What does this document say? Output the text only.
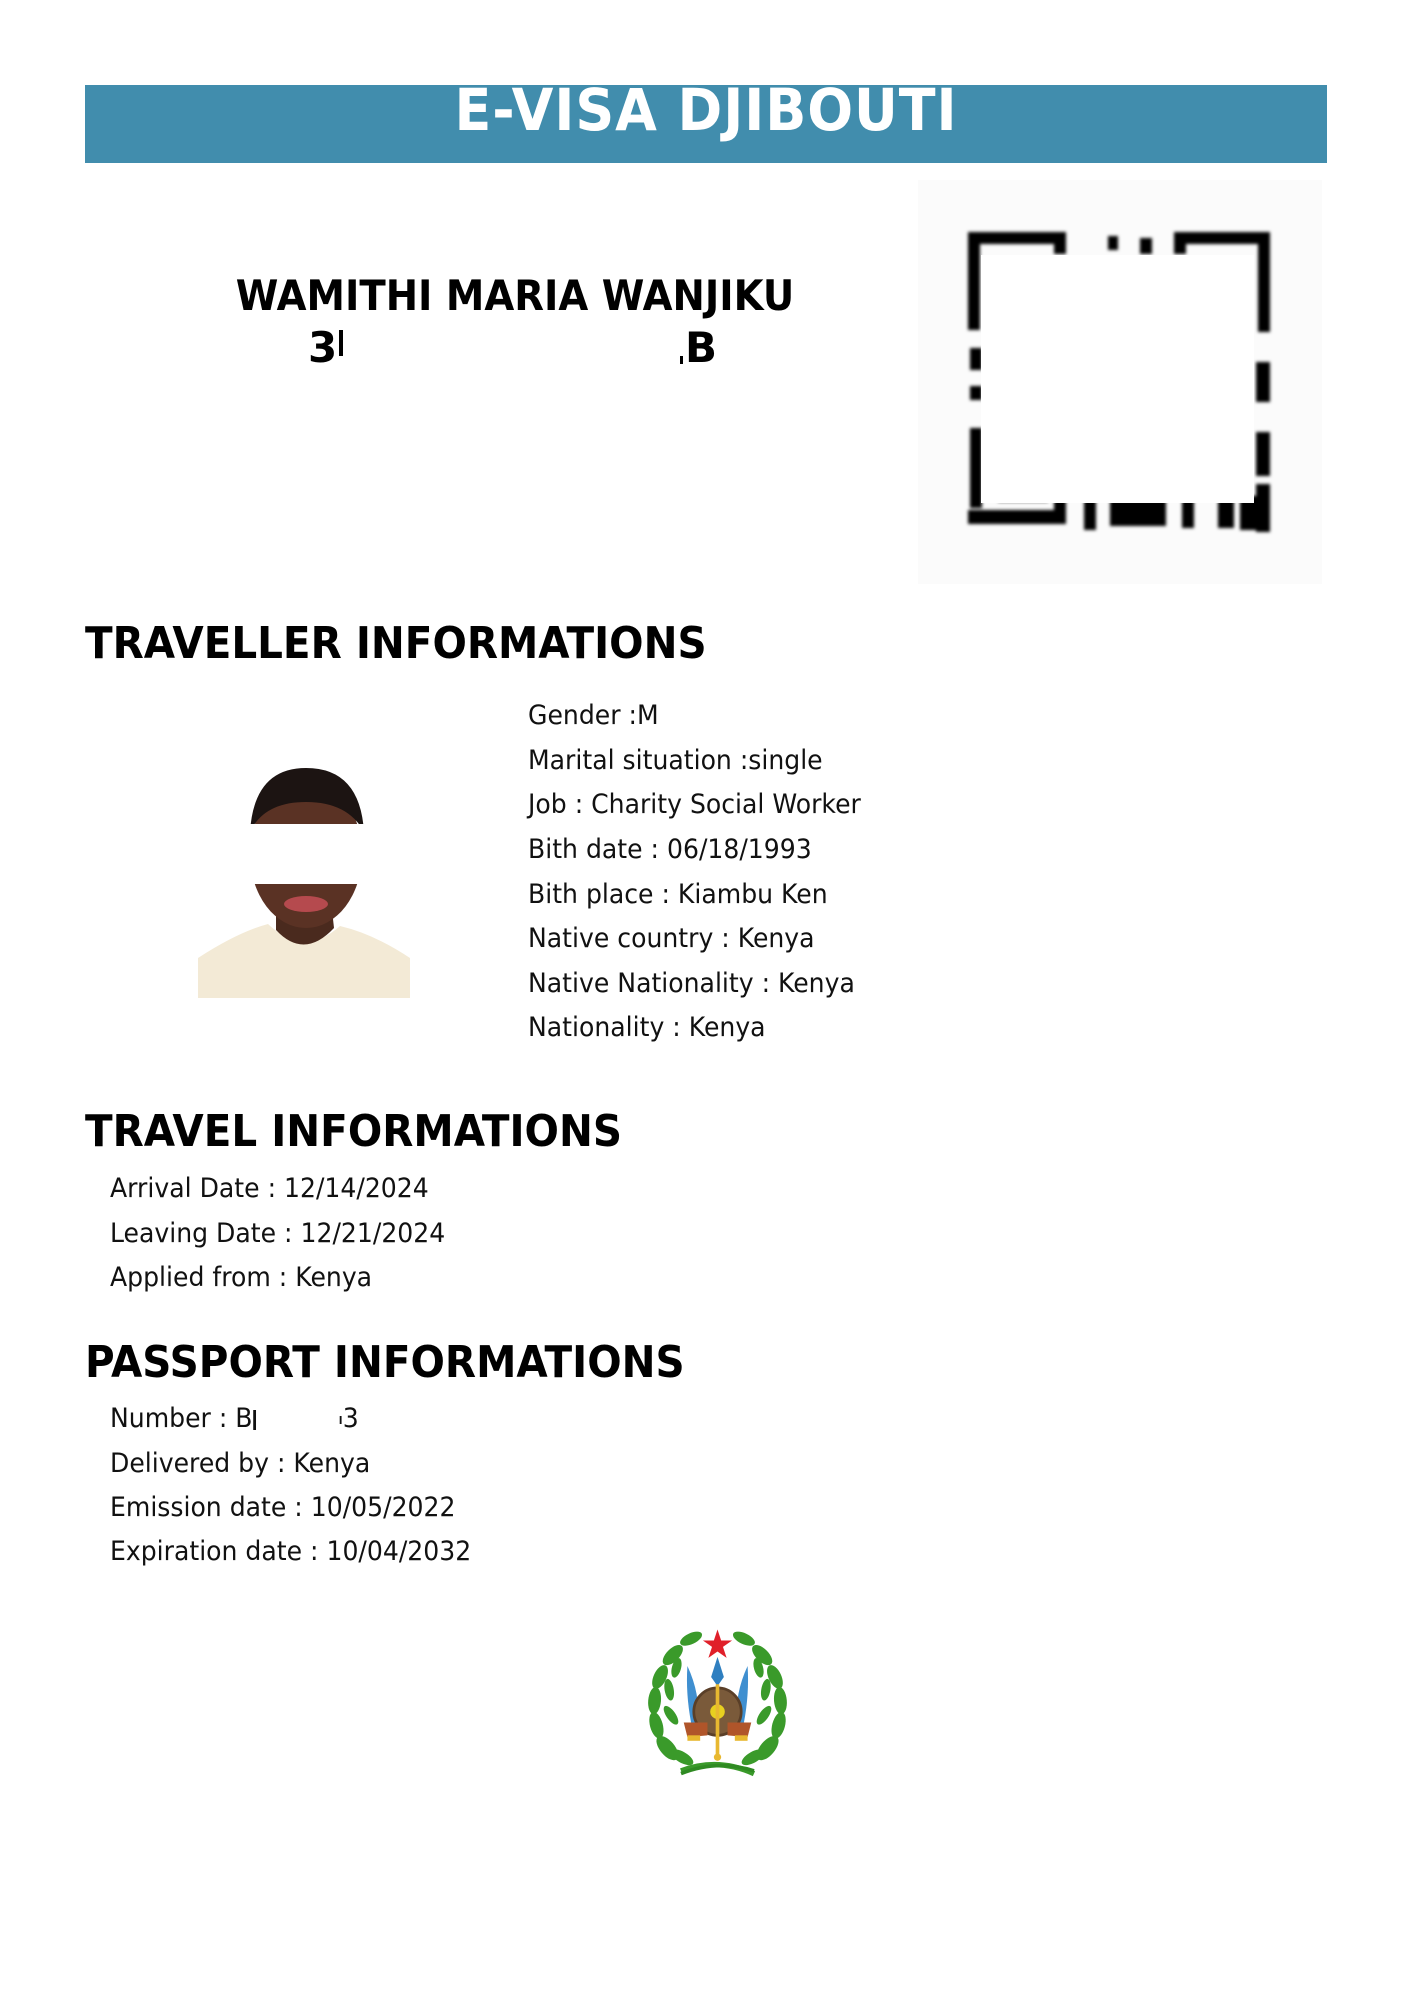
E-VISA DJIBOUTI
WAMITHI MARIA WANJIKU
3	B
TRAVELLER INFORMATIONS
Gender :M
Marital situation :single
Job : Charity Social Worker
Bith date : 06/18/1993
Bith place : Kiambu Ken
Native country : Kenya
Native Nationality : Kenya
Nationality : Kenya
TRAVEL INFORMATIONS
Arrival Date : 12/14/2024
Leaving Date : 12/21/2024
Applied from : Kenya
PASSPORT INFORMATIONS
Number : B	3
Delivered by : Kenya
Emission date : 10/05/2022
Expiration date : 10/04/2032
